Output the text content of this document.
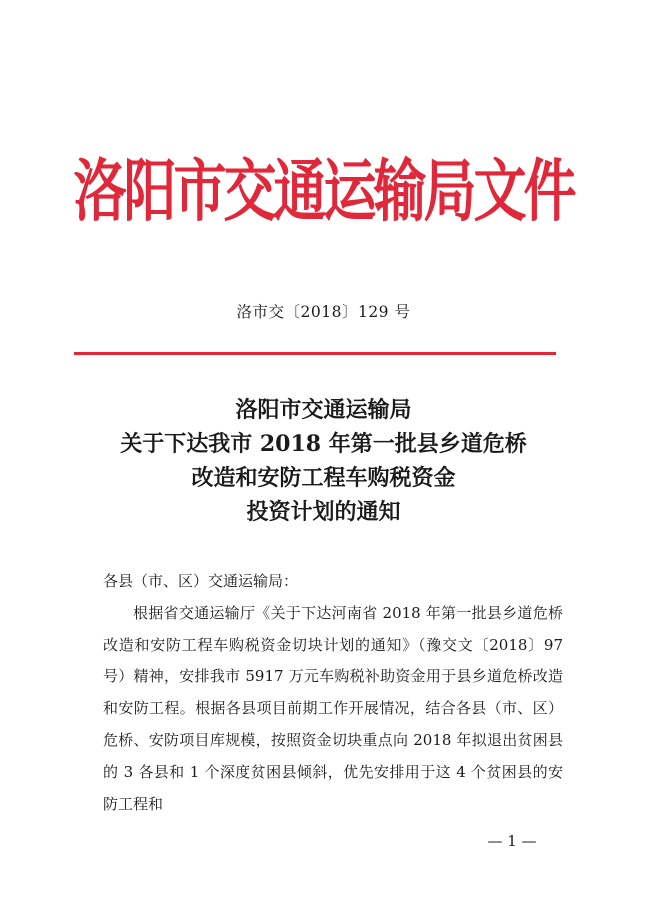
洛阳市交通运输局文件
洛市交〔2018〕129 号
洛阳市交通运输局
关于下达我市 2018 年第一批县乡道危桥
改造和安防工程车购税资金
投资计划的通知
各县（市、区）交通运输局：
根据省交通运输厅《关于下达河南省 2018 年第一批县乡道危桥改造和安防工程车购税资金切块计划的通知》（豫交文〔2018〕97 号）精神，安排我市 5917 万元车购税补助资金用于县乡道危桥改造和安防工程。根据各县项目前期工作开展情况，结合各县（市、区）危桥、安防项目库规模，按照资金切块重点向 2018 年拟退出贫困县的 3 各县和 1 个深度贫困县倾斜，优先安排用于这 4 个贫困县的安防工程和
— 1 —
